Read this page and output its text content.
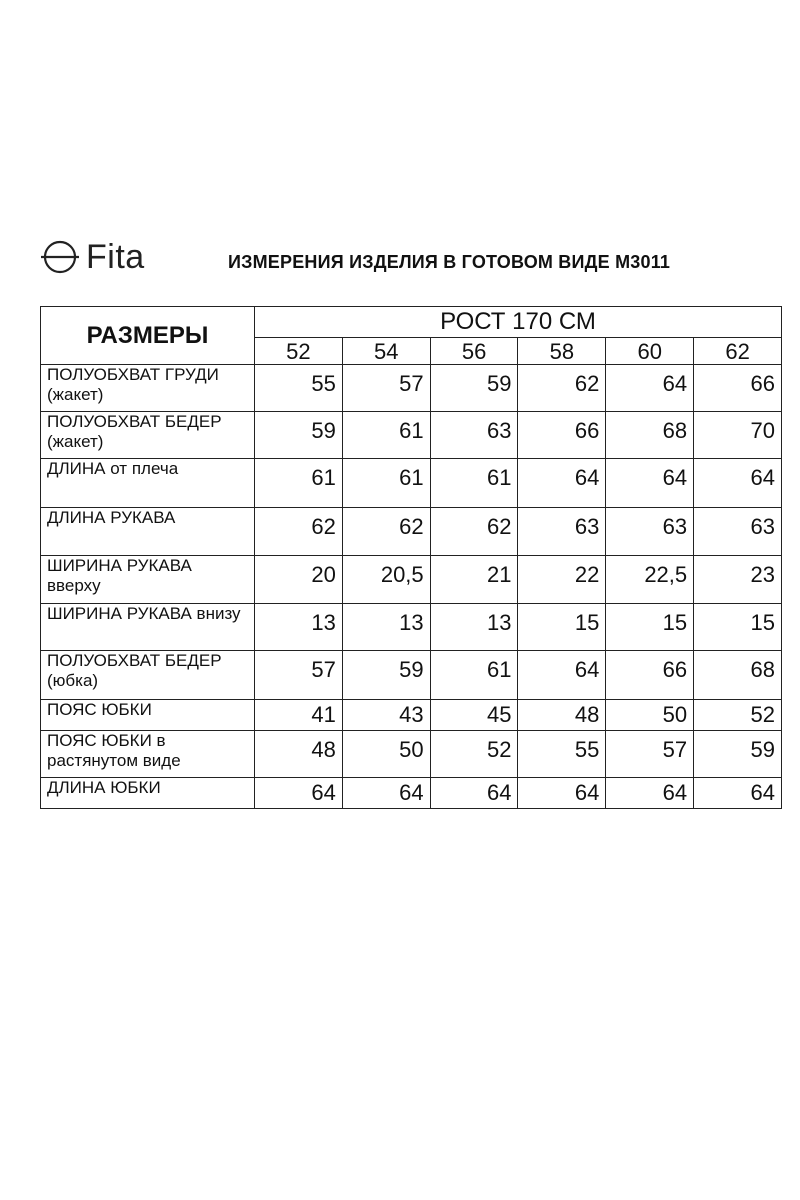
Fita	ИЗМЕРЕНИЯ ИЗДЕЛИЯ В ГОТОВОМ ВИДЕ М3011
РАЗМЕРЫ	РОСТ 170 СМ					
	52	54	56	58	60	62
ПОЛУОБХВАТ ГРУДИ (жакет)	55	57	59	62	64	66
ПОЛУОБХВАТ БЕДЕР (жакет)	59	61	63	66	68	70
ДЛИНА от плеча	61	61	61	64	64	64
ДЛИНА РУКАВА	62	62	62	63	63	63
ШИРИНА РУКАВА вверху	20	20,5	21	22	22,5	23
ШИРИНА РУКАВА внизу	13	13	13	15	15	15
ПОЛУОБХВАТ БЕДЕР (юбка)	57	59	61	64	66	68
ПОЯС ЮБКИ	41	43	45	48	50	52
ПОЯС ЮБКИ в растянутом виде	48	50	52	55	57	59
ДЛИНА ЮБКИ	64	64	64	64	64	64
